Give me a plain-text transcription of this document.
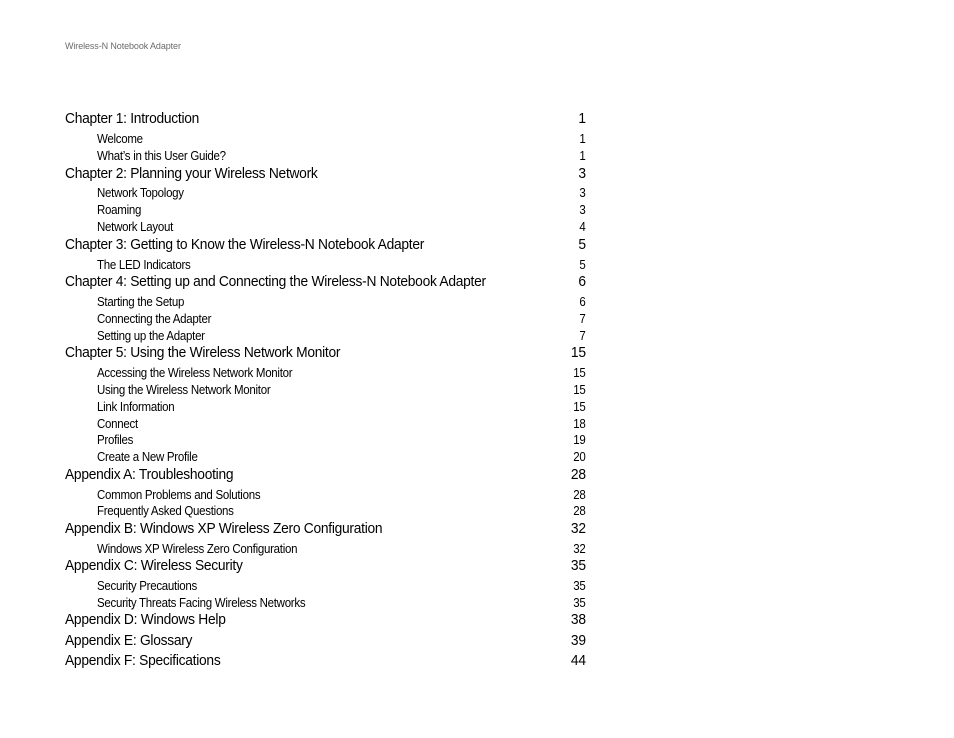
Wireless-N Notebook Adapter
Chapter 1: Introduction	1
Welcome	1
What’s in this User Guide?	1
Chapter 2: Planning your Wireless Network	3
Network Topology	3
Roaming	3
Network Layout	4
Chapter 3: Getting to Know the Wireless-N Notebook Adapter	5
The LED Indicators	5
Chapter 4: Setting up and Connecting the Wireless-N Notebook Adapter	6
Starting the Setup	6
Connecting the Adapter	7
Setting up the Adapter	7
Chapter 5: Using the Wireless Network Monitor	15
Accessing the Wireless Network Monitor	15
Using the Wireless Network Monitor	15
Link Information	15
Connect	18
Profiles	19
Create a New Profile	20
Appendix A: Troubleshooting	28
Common Problems and Solutions	28
Frequently Asked Questions	28
Appendix B: Windows XP Wireless Zero Configuration	32
Windows XP Wireless Zero Configuration	32
Appendix C: Wireless Security	35
Security Precautions	35
Security Threats Facing Wireless Networks	35
Appendix D: Windows Help	38
Appendix E: Glossary	39
Appendix F: Specifications	44
